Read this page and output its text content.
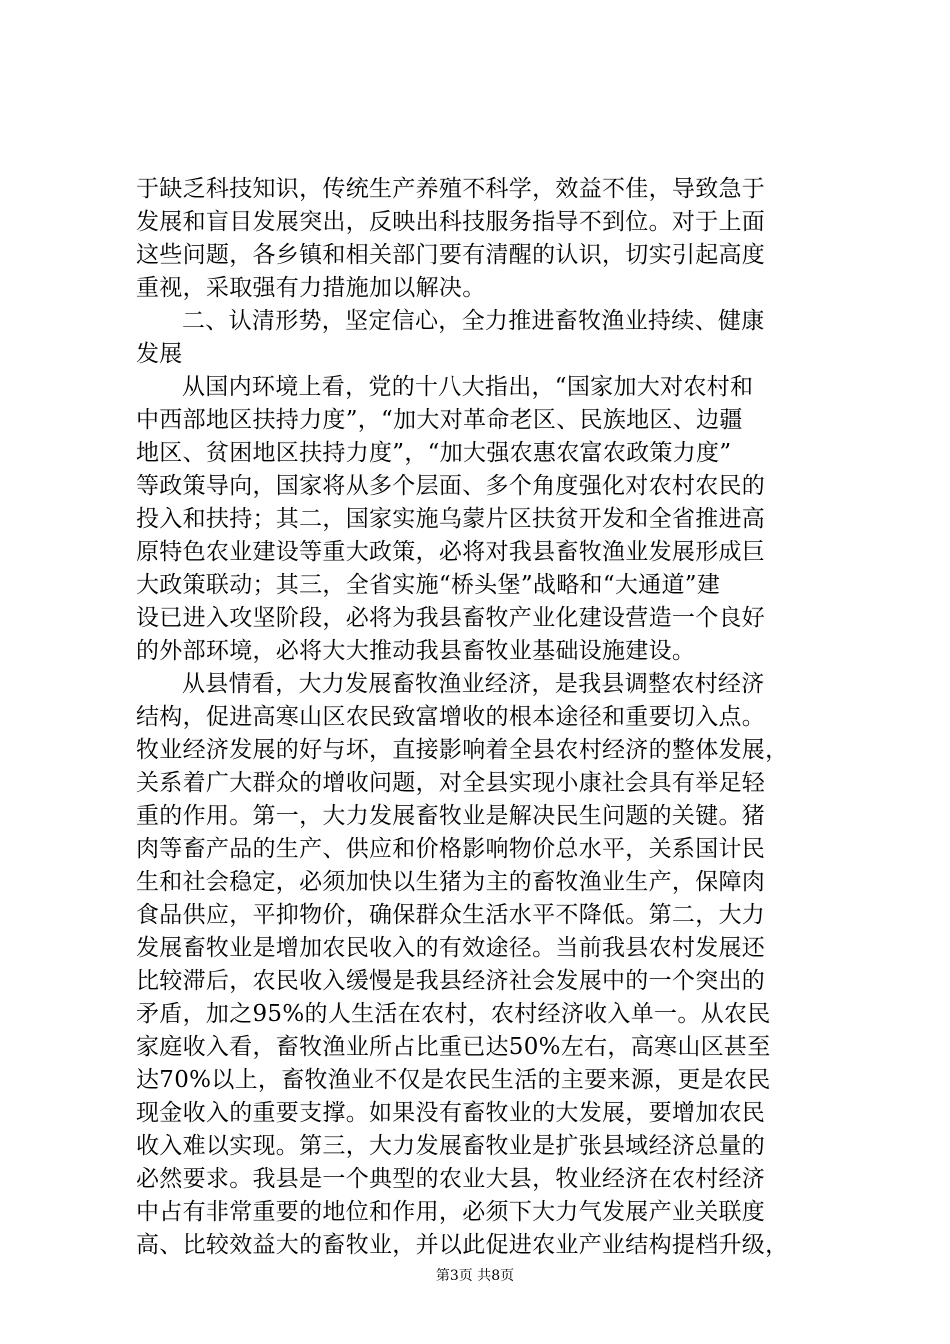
于缺乏科技知识，传统生产养殖不科学，效益不佳，导致急于
发展和盲目发展突出，反映出科技服务指导不到位。对于上面
这些问题，各乡镇和相关部门要有清醒的认识，切实引起高度
重视，采取强有力措施加以解决。
二、认清形势，坚定信心，全力推进畜牧渔业持续、健康
发展
从国内环境上看，党的十八大指出，“国家加大对农村和
中西部地区扶持力度”，“加大对革命老区、民族地区、边疆
地区、贫困地区扶持力度”，“加大强农惠农富农政策力度”
等政策导向，国家将从多个层面、多个角度强化对农村农民的
投入和扶持；其二，国家实施乌蒙片区扶贫开发和全省推进高
原特色农业建设等重大政策，必将对我县畜牧渔业发展形成巨
大政策联动；其三，全省实施“桥头堡”战略和“大通道”建
设已进入攻坚阶段，必将为我县畜牧产业化建设营造一个良好
的外部环境，必将大大推动我县畜牧业基础设施建设。
从县情看，大力发展畜牧渔业经济，是我县调整农村经济
结构，促进高寒山区农民致富增收的根本途径和重要切入点。
牧业经济发展的好与坏，直接影响着全县农村经济的整体发展，
关系着广大群众的增收问题，对全县实现小康社会具有举足轻
重的作用。第一，大力发展畜牧业是解决民生问题的关键。猪
肉等畜产品的生产、供应和价格影响物价总水平，关系国计民
生和社会稳定，必须加快以生猪为主的畜牧渔业生产，保障肉
食品供应，平抑物价，确保群众生活水平不降低。第二，大力
发展畜牧业是增加农民收入的有效途径。当前我县农村发展还
比较滞后，农民收入缓慢是我县经济社会发展中的一个突出的
矛盾，加之95%的人生活在农村，农村经济收入单一。从农民
家庭收入看，畜牧渔业所占比重已达50%左右，高寒山区甚至
达70%以上，畜牧渔业不仅是农民生活的主要来源，更是农民
现金收入的重要支撑。如果没有畜牧业的大发展，要增加农民
收入难以实现。第三，大力发展畜牧业是扩张县域经济总量的
必然要求。我县是一个典型的农业大县，牧业经济在农村经济
中占有非常重要的地位和作用，必须下大力气发展产业关联度
高、比较效益大的畜牧业，并以此促进农业产业结构提档升级，
第3页 共8页
